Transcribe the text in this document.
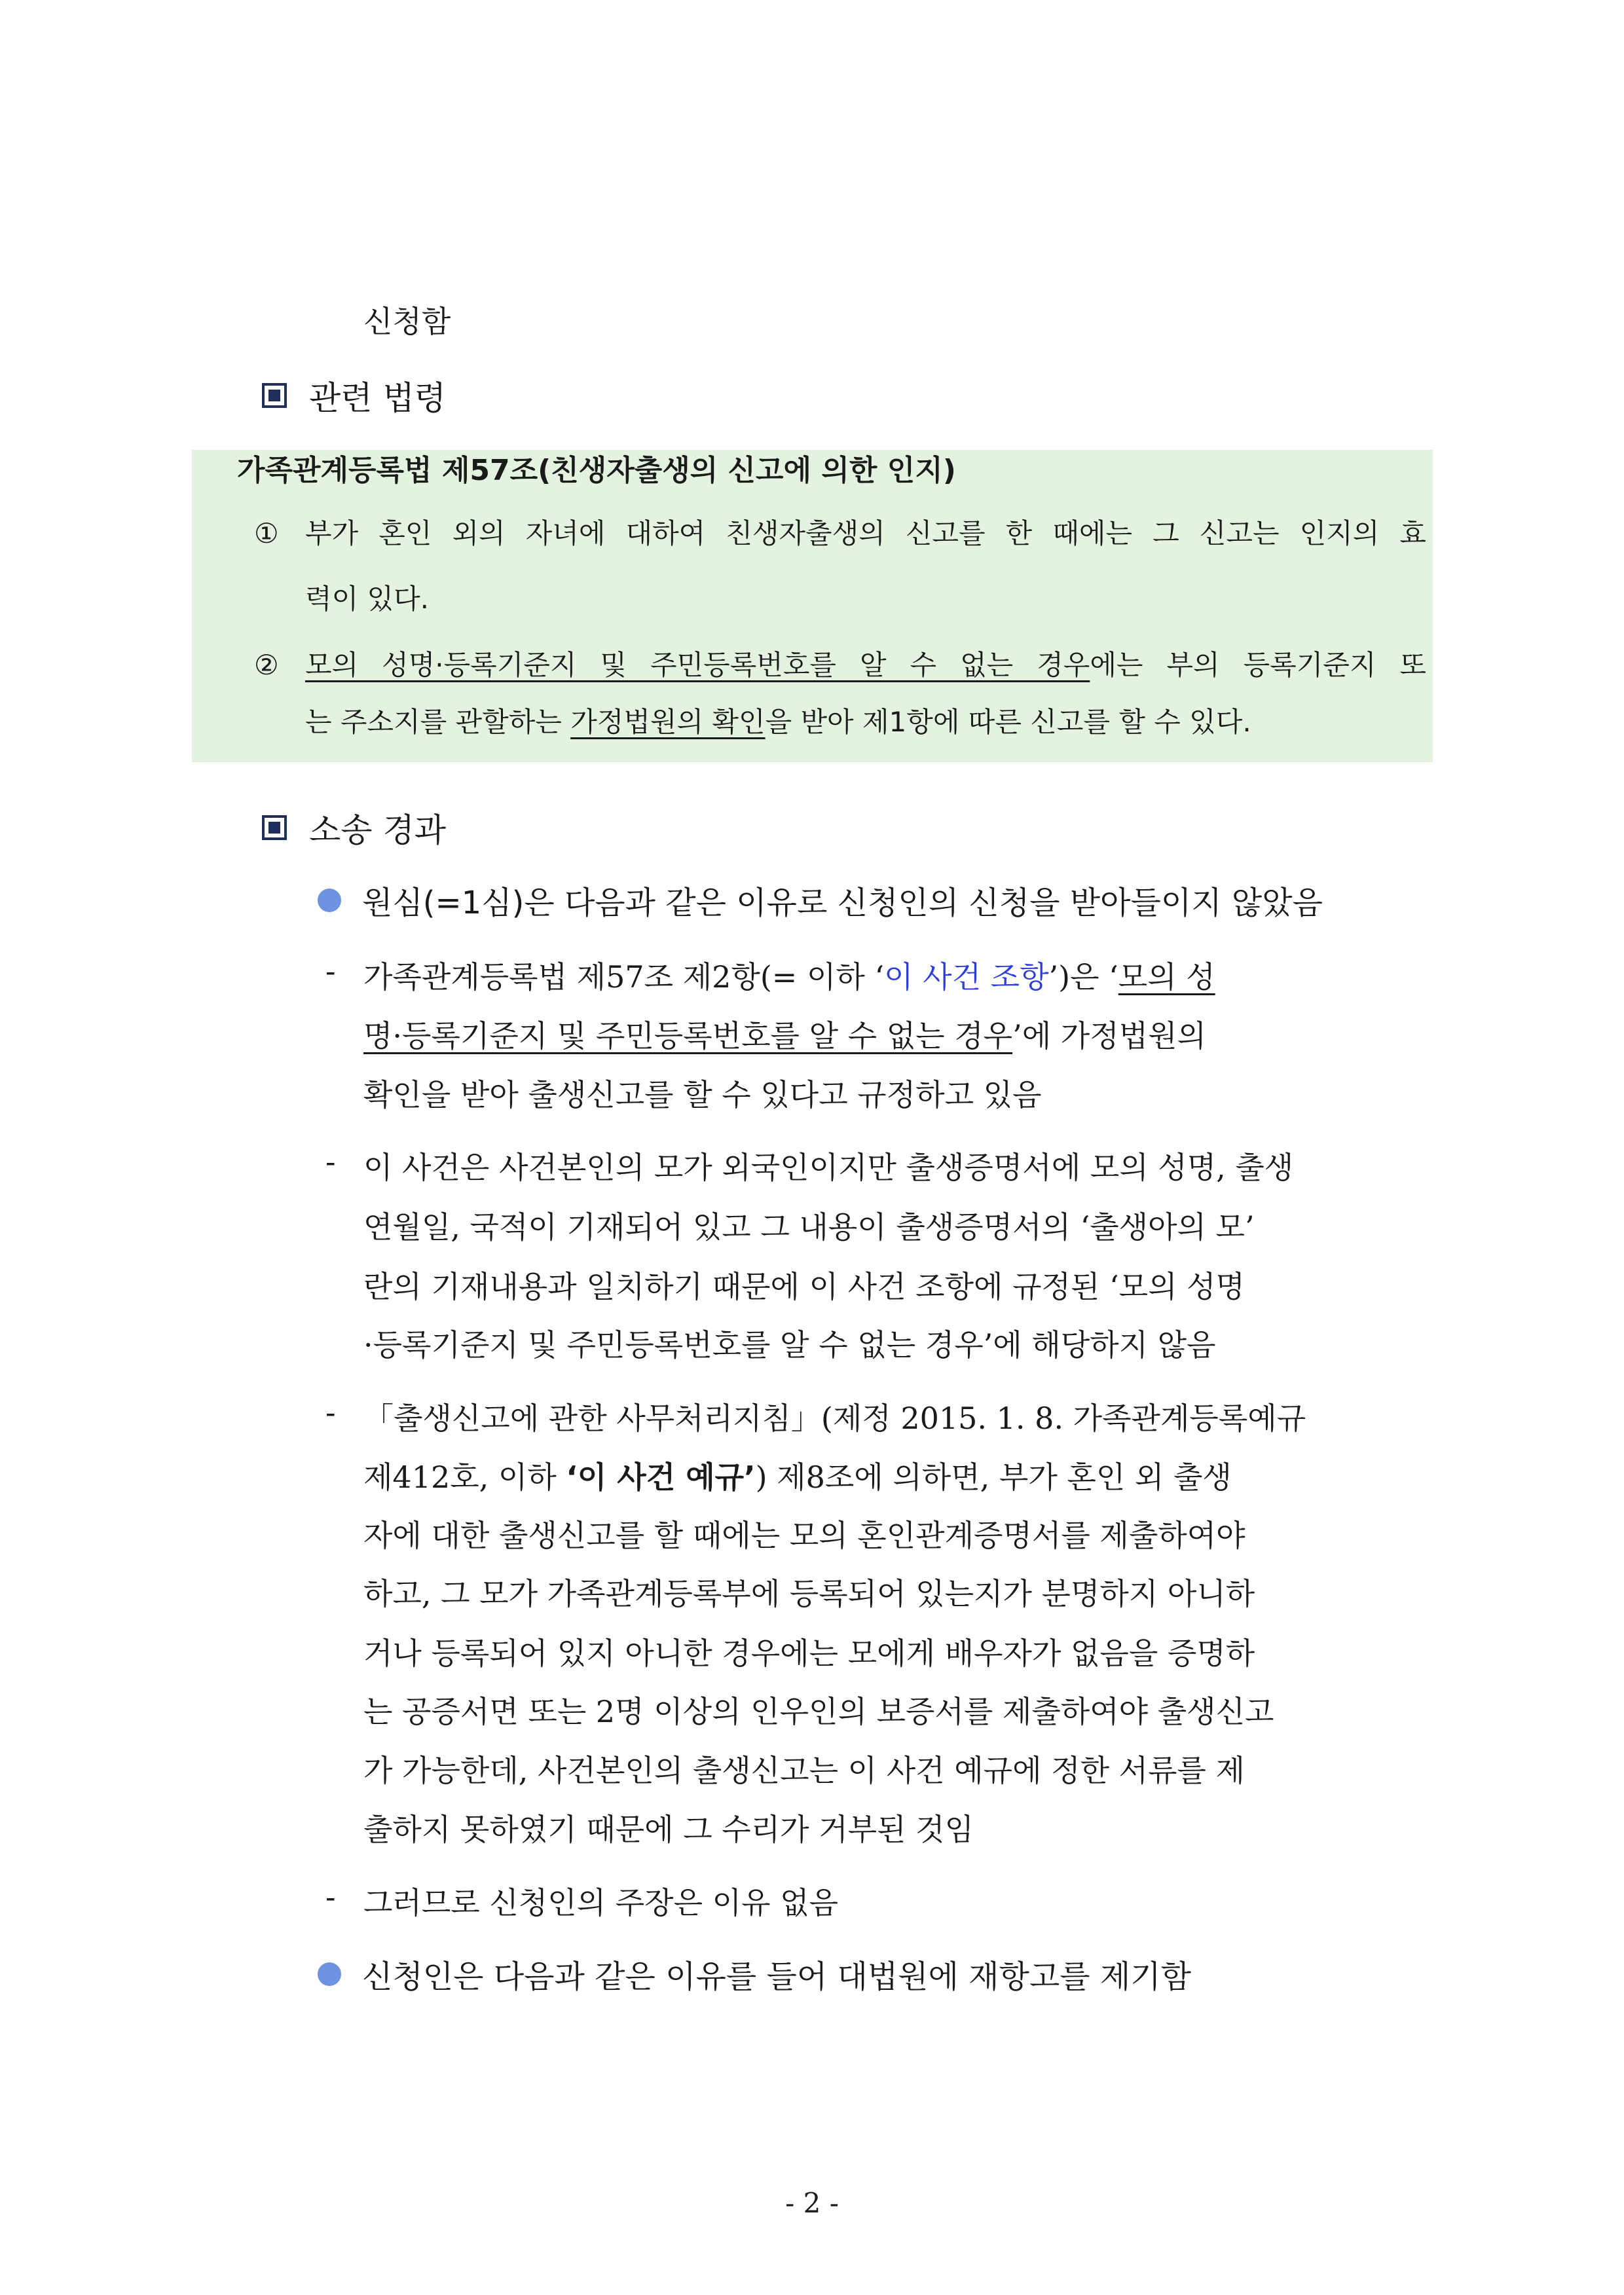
신청함
관련 법령
가족관계등록법 제57조(친생자출생의 신고에 의한 인지)
① 부가 혼인 외의 자녀에 대하여 친생자출생의 신고를 한 때에는 그 신고는 인지의 효
력이 있다.
② 모의 성명·등록기준지 및 주민등록번호를 알 수 없는 경우에는 부의 등록기준지 또
는 주소지를 관할하는 가정법원의 확인을 받아 제1항에 따른 신고를 할 수 있다.
소송 경과
원심(=1심)은 다음과 같은 이유로 신청인의 신청을 받아들이지 않았음
- 가족관계등록법 제57조 제2항(= 이하 ‘이 사건 조항’)은 ‘모의 성
명·등록기준지 및 주민등록번호를 알 수 없는 경우’에 가정법원의
확인을 받아 출생신고를 할 수 있다고 규정하고 있음
- 이 사건은 사건본인의 모가 외국인이지만 출생증명서에 모의 성명, 출생
연월일, 국적이 기재되어 있고 그 내용이 출생증명서의 ‘출생아의 모’
란의 기재내용과 일치하기 때문에 이 사건 조항에 규정된 ‘모의 성명
·등록기준지 및 주민등록번호를 알 수 없는 경우’에 해당하지 않음
- 「출생신고에 관한 사무처리지침」(제정 2015. 1. 8. 가족관계등록예규
제412호, 이하 ‘이 사건 예규’) 제8조에 의하면, 부가 혼인 외 출생
자에 대한 출생신고를 할 때에는 모의 혼인관계증명서를 제출하여야
하고, 그 모가 가족관계등록부에 등록되어 있는지가 분명하지 아니하
거나 등록되어 있지 아니한 경우에는 모에게 배우자가 없음을 증명하
는 공증서면 또는 2명 이상의 인우인의 보증서를 제출하여야 출생신고
가 가능한데, 사건본인의 출생신고는 이 사건 예규에 정한 서류를 제
출하지 못하였기 때문에 그 수리가 거부된 것임
- 그러므로 신청인의 주장은 이유 없음
신청인은 다음과 같은 이유를 들어 대법원에 재항고를 제기함
- 2 -
